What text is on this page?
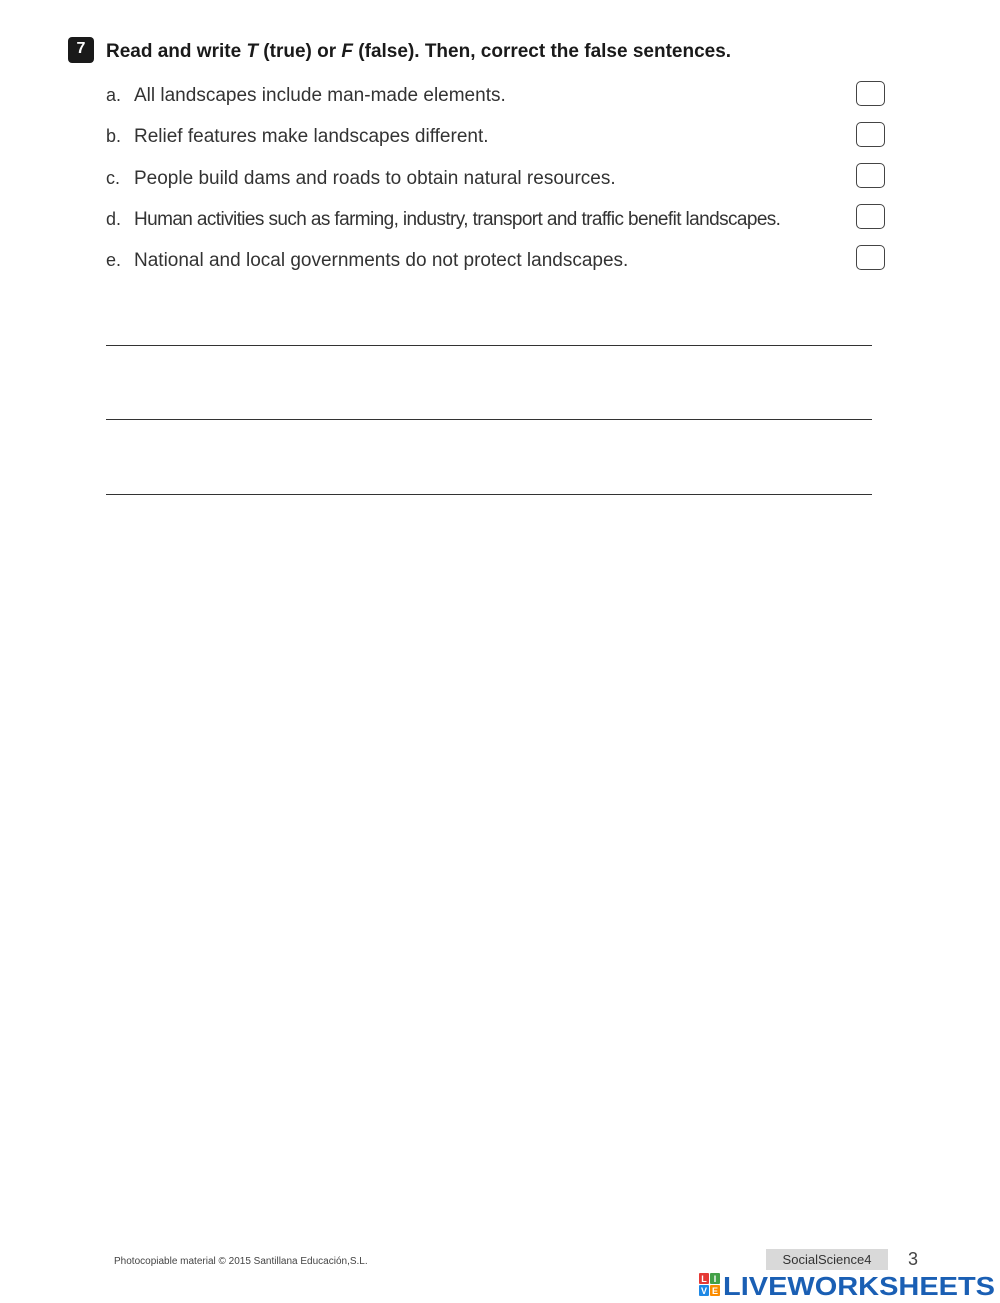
7	Read and write T (true) or F (false). Then, correct the false sentences.
a. All landscapes include man-made elements.
b. Relief features make landscapes different.
c. People build dams and roads to obtain natural resources.
d. Human activities such as farming, industry, transport and traffic benefit landscapes.
e. National and local governments do not protect landscapes.
Photocopiable material © 2015 Santillana Educación,S.L.	SocialScience4	3
L I
V E LIVEWORKSHEETS
